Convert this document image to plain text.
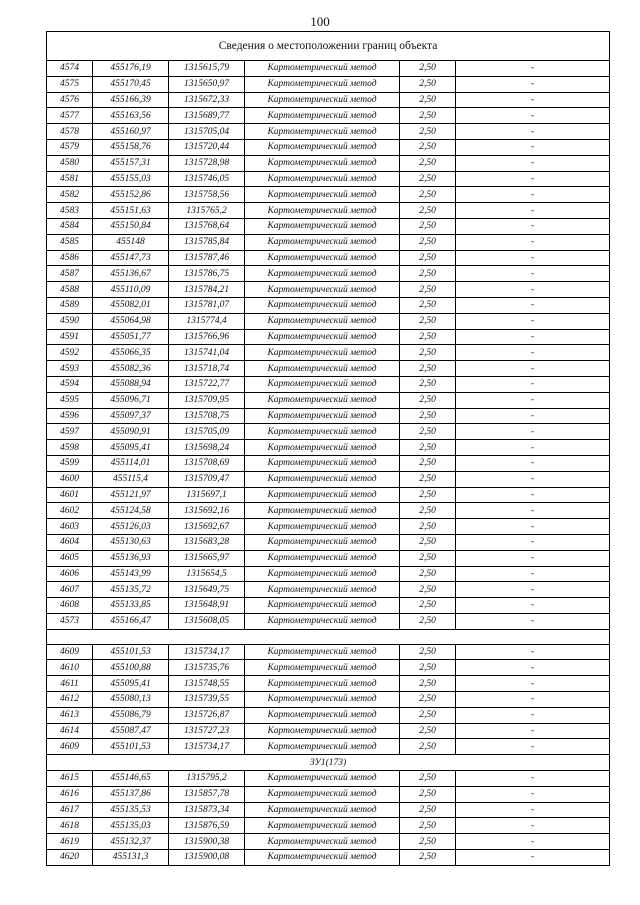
100
Сведения о местоположении границ объекта					
4574	455176,19	1315615,79	Картометрический метод	2,50	-
4575	455170,45	1315650,97	Картометрический метод	2,50	-
4576	455166,39	1315672,33	Картометрический метод	2,50	-
4577	455163,56	1315689,77	Картометрический метод	2,50	-
4578	455160,97	1315705,04	Картометрический метод	2,50	-
4579	455158,76	1315720,44	Картометрический метод	2,50	-
4580	455157,31	1315728,98	Картометрический метод	2,50	-
4581	455155,03	1315746,05	Картометрический метод	2,50	-
4582	455152,86	1315758,56	Картометрический метод	2,50	-
4583	455151,63	1315765,2	Картометрический метод	2,50	-
4584	455150,84	1315768,64	Картометрический метод	2,50	-
4585	455148	1315785,84	Картометрический метод	2,50	-
4586	455147,73	1315787,46	Картометрический метод	2,50	-
4587	455136,67	1315786,75	Картометрический метод	2,50	-
4588	455110,09	1315784,21	Картометрический метод	2,50	-
4589	455082,01	1315781,07	Картометрический метод	2,50	-
4590	455064,98	1315774,4	Картометрический метод	2,50	-
4591	455051,77	1315766,96	Картометрический метод	2,50	-
4592	455066,35	1315741,04	Картометрический метод	2,50	-
4593	455082,36	1315718,74	Картометрический метод	2,50	-
4594	455088,94	1315722,77	Картометрический метод	2,50	-
4595	455096,71	1315709,95	Картометрический метод	2,50	-
4596	455097,37	1315708,75	Картометрический метод	2,50	-
4597	455090,91	1315705,09	Картометрический метод	2,50	-
4598	455095,41	1315698,24	Картометрический метод	2,50	-
4599	455114,01	1315708,69	Картометрический метод	2,50	-
4600	455115,4	1315709,47	Картометрический метод	2,50	-
4601	455121,97	1315697,1	Картометрический метод	2,50	-
4602	455124,58	1315692,16	Картометрический метод	2,50	-
4603	455126,03	1315692,67	Картометрический метод	2,50	-
4604	455130,63	1315683,28	Картометрический метод	2,50	-
4605	455136,93	1315665,97	Картометрический метод	2,50	-
4606	455143,99	1315654,5	Картометрический метод	2,50	-
4607	455135,72	1315649,75	Картометрический метод	2,50	-
4608	455133,85	1315648,91	Картометрический метод	2,50	-
4573	455166,47	1315608,05	Картометрический метод	2,50	-

4609	455101,53	1315734,17	Картометрический метод	2,50	-
4610	455100,88	1315735,76	Картометрический метод	2,50	-
4611	455095,41	1315748,55	Картометрический метод	2,50	-
4612	455080,13	1315739,55	Картометрический метод	2,50	-
4613	455086,79	1315726,87	Картометрический метод	2,50	-
4614	455087,47	1315727,23	Картометрический метод	2,50	-
4609	455101,53	1315734,17	Картометрический метод	2,50	-
ЗУ1(173)					
4615	455146,65	1315795,2	Картометрический метод	2,50	-
4616	455137,86	1315857,78	Картометрический метод	2,50	-
4617	455135,53	1315873,34	Картометрический метод	2,50	-
4618	455135,03	1315876,59	Картометрический метод	2,50	-
4619	455132,37	1315900,38	Картометрический метод	2,50	-
4620	455131,3	1315900,08	Картометрический метод	2,50	-
